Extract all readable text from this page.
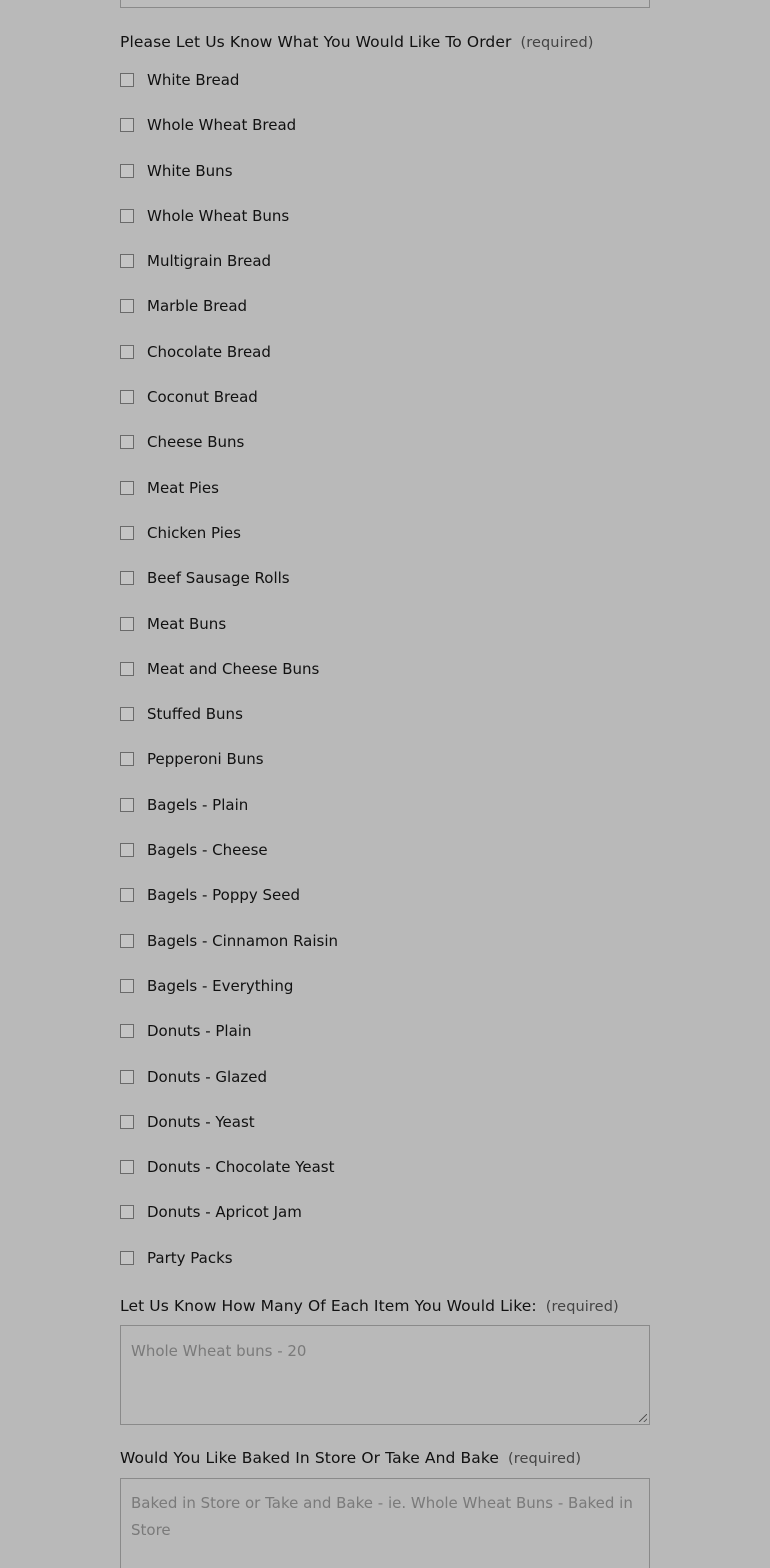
Please Let Us Know What You Would Like To Order (required)
White Bread
Whole Wheat Bread
White Buns
Whole Wheat Buns
Multigrain Bread
Marble Bread
Chocolate Bread
Coconut Bread
Cheese Buns
Meat Pies
Chicken Pies
Beef Sausage Rolls
Meat Buns
Meat and Cheese Buns
Stuffed Buns
Pepperoni Buns
Bagels - Plain
Bagels - Cheese
Bagels - Poppy Seed
Bagels - Cinnamon Raisin
Bagels - Everything
Donuts - Plain
Donuts - Glazed
Donuts - Yeast
Donuts - Chocolate Yeast
Donuts - Apricot Jam
Party Packs
Let Us Know How Many Of Each Item You Would Like: (required)
Whole Wheat buns - 20
Would You Like Baked In Store Or Take And Bake (required)
Baked in Store or Take and Bake - ie. Whole Wheat Buns - Baked in Store
